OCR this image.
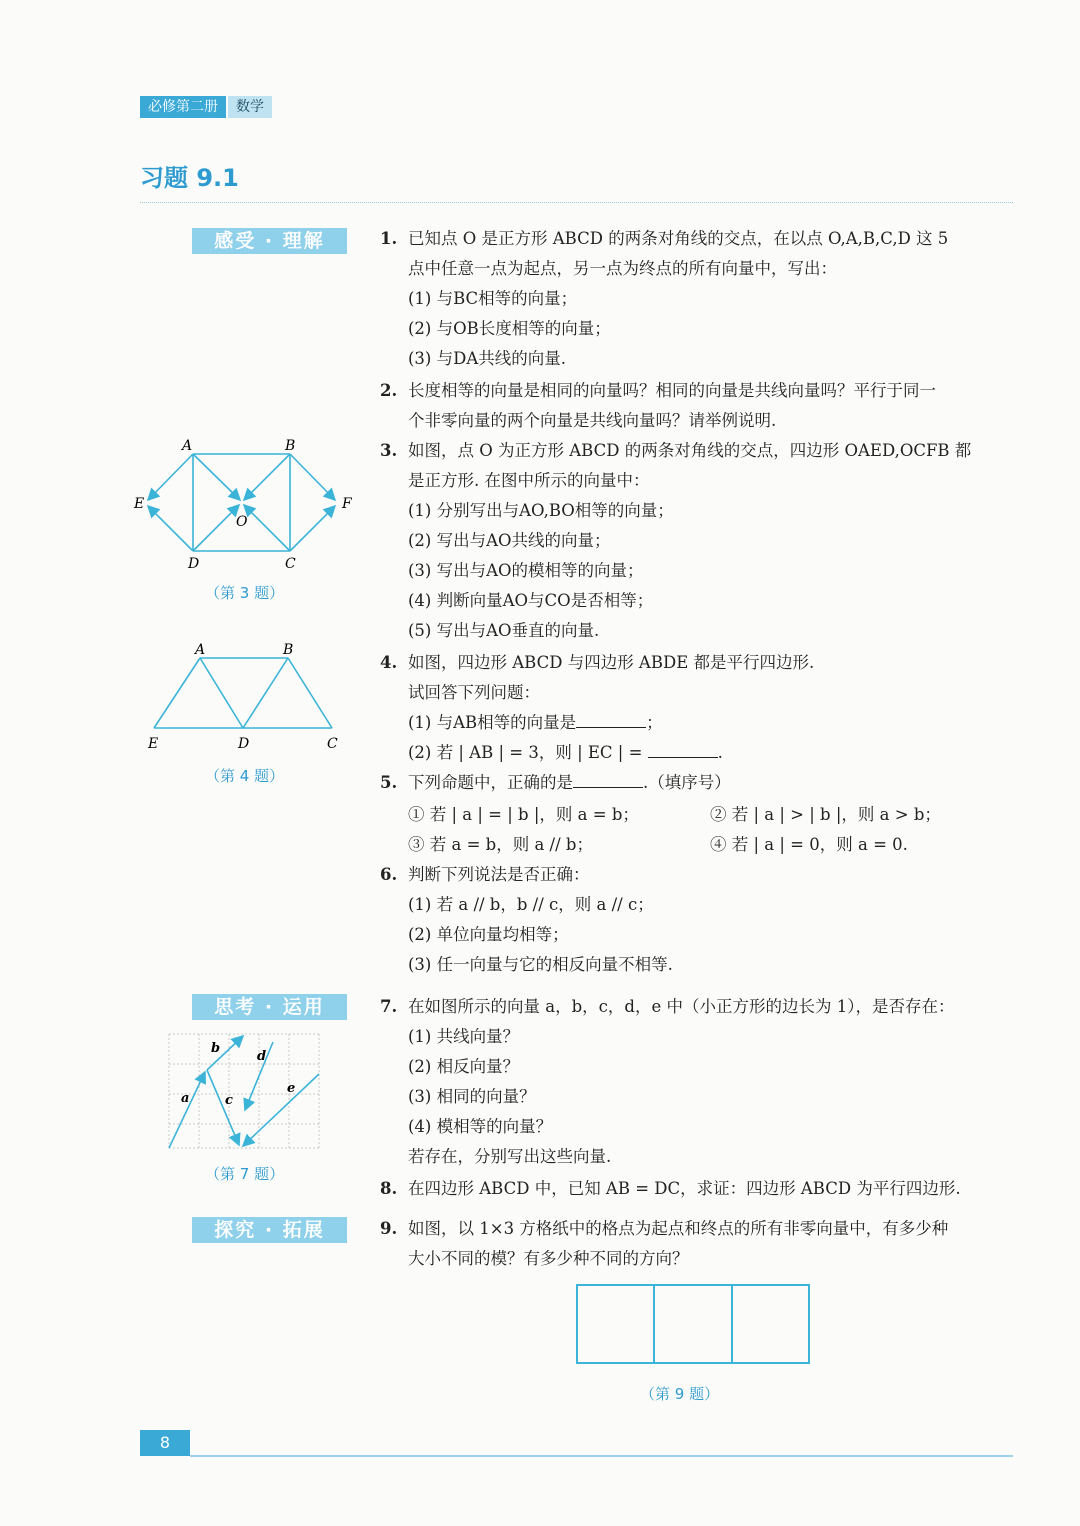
必修第二册 数学
习题 9.1
感受 · 理解
思考 · 运用
探究 · 拓展
1. 已知点 O 是正方形 ABCD 的两条对角线的交点，在以点 O,A,B,C,D 这 5
点中任意一点为起点，另一点为终点的所有向量中，写出：
(1) 与BC相等的向量；
(2) 与OB长度相等的向量；
(3) 与DA共线的向量.
2. 长度相等的向量是相同的向量吗？相同的向量是共线向量吗？平行于同一
个非零向量的两个向量是共线向量吗？请举例说明.
3. 如图，点 O 为正方形 ABCD 的两条对角线的交点，四边形 OAED,OCFB 都
是正方形. 在图中所示的向量中：
(1) 分别写出与AO,BO相等的向量；
(2) 写出与AO共线的向量；
(3) 写出与AO的模相等的向量；
(4) 判断向量AO与CO是否相等；
(5) 写出与AO垂直的向量.
4. 如图，四边形 ABCD 与四边形 ABDE 都是平行四边形.
试回答下列问题：
(1) 与AB相等的向量是	；
(2) 若 | AB | = 3，则 | EC | =	.
5. 下列命题中，正确的是	.（填序号）
① 若 | a | = | b |，则 a = b；	② 若 | a | > | b |，则 a > b；
③ 若 a = b，则 a // b；	④ 若 | a | = 0，则 a = 0.
6. 判断下列说法是否正确：
(1) 若 a // b，b // c，则 a // c；
(2) 单位向量均相等；
(3) 任一向量与它的相反向量不相等.
7. 在如图所示的向量 a，b，c，d，e 中（小正方形的边长为 1），是否存在：
(1) 共线向量？
(2) 相反向量？
(3) 相同的向量？
(4) 模相等的向量？
若存在，分别写出这些向量.
8. 在四边形 ABCD 中，已知 AB = DC，求证：四边形 ABCD 为平行四边形.
9. 如图，以 1×3 方格纸中的格点为起点和终点的所有非零向量中，有多少种
大小不同的模？有多少种不同的方向？
A	B
C
D
E	F
O
（第 3 题）
A	B
E	D	C
（第 4 题）
a
b
c
d
e
（第 7 题）
（第 9 题）
8
